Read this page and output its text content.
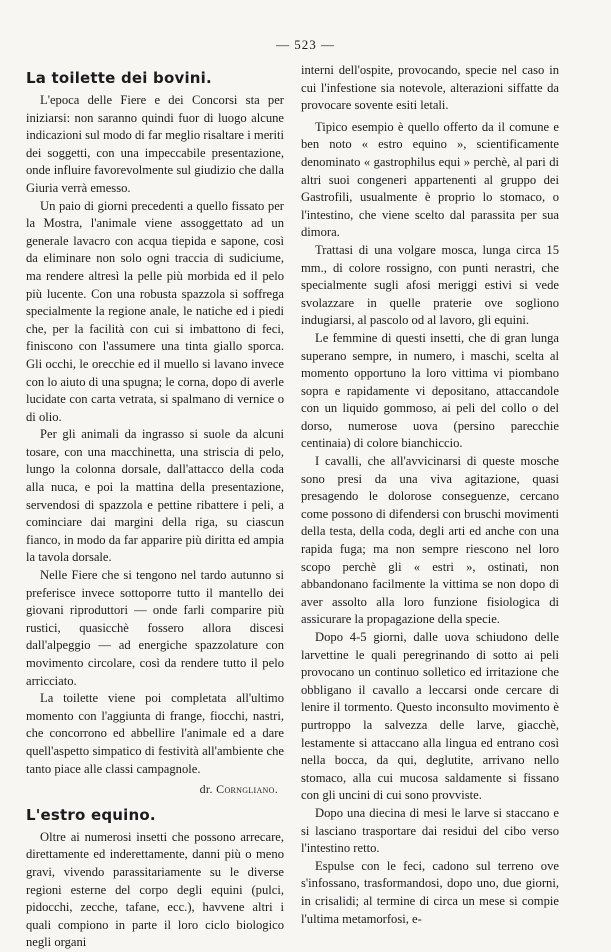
— 523 —
La toilette dei bovini.

L'epoca delle Fiere e dei Concorsi sta per iniziarsi: non saranno quindi fuor di luogo alcune indicazioni sul modo di far meglio risaltare i meriti dei soggetti, con una impeccabile presentazione, onde influire favorevolmente sul giudizio che dalla Giuria verrà emesso.

Un paio di giorni precedenti a quello fissato per la Mostra, l'animale viene assoggettato ad un generale lavacro con acqua tiepida e sapone, così da eliminare non solo ogni traccia di sudiciume, ma rendere altresì la pelle più morbida ed il pelo più lucente. Con una robusta spazzola si soffrega specialmente la regione anale, le natiche ed i piedi che, per la facilità con cui si imbattono di feci, finiscono con l'assumere una tinta giallo sporca. Gli occhi, le orecchie ed il muello si lavano invece con lo aiuto di una spugna; le corna, dopo di averle lucidate con carta vetrata, si spalmano di vernice o di olio.

Per gli animali da ingrasso si suole da alcuni tosare, con una macchinetta, una striscia di pelo, lungo la colonna dorsale, dall'attacco della coda alla nuca, e poi la mattina della presentazione, servendosi di spazzola e pettine ribattere i peli, a cominciare dai margini della riga, su ciascun fianco, in modo da far apparire più diritta ed ampia la tavola dorsale.

Nelle Fiere che si tengono nel tardo autunno si preferisce invece sottoporre tutto il mantello dei giovani riproduttori — onde farli comparire più rustici, quasicchè fossero allora discesi dall'alpeggio — ad energiche spazzolature con movimento circolare, così da rendere tutto il pelo arricciato.

La toilette viene poi completata all'ultimo momento con l'aggiunta di frange, fiocchi, nastri, che concorrono ed abbellire l'animale ed a dare quell'aspetto simpatico di festività all'ambiente che tanto piace alle classi campagnole.

dr. Corngliano.
L'estro equino.

Oltre ai numerosi insetti che possono arrecare, direttamente ed inderettamente, danni più o meno gravi, vivendo parassitariamente su le diverse regioni esterne del corpo degli equini (pulci, pidocchi, zecche, tafane, ecc.), havvene altri i quali compiono in parte il loro ciclo biologico negli organi

interni dell'ospite, provocando, specie nel caso in cui l'infestione sia notevole, alterazioni siffatte da provocare sovente esiti letali.

Tipico esempio è quello offerto da il comune e ben noto « estro equino », scientificamente denominato « gastrophilus equi » perchè, al pari di altri suoi congeneri appartenenti al gruppo dei Gastrofili, usualmente è proprio lo stomaco, o l'intestino, che viene scelto dal parassita per sua dimora.

Trattasi di una volgare mosca, lunga circa 15 mm., di colore rossigno, con punti nerastri, che specialmente sugli afosi meriggi estivi si vede svolazzare in quelle praterie ove sogliono indugiarsi, al pascolo od al lavoro, gli equini.

Le femmine di questi insetti, che di gran lunga superano sempre, in numero, i maschi, scelta al momento opportuno la loro vittima vi piombano sopra e rapidamente vi depositano, attaccandole con un liquido gommoso, ai peli del collo o del dorso, numerose uova (persino parecchie centinaia) di colore bianchiccio.

I cavalli, che all'avvicinarsi di queste mosche sono presi da una viva agitazione, quasi presagendo le dolorose conseguenze, cercano come possono di difendersi con bruschi movimenti della testa, della coda, degli arti ed anche con una rapida fuga; ma non sempre riescono nel loro scopo perchè gli « estri », ostinati, non abbandonano facilmente la vittima se non dopo di aver assolto alla loro funzione fisiologica di assicurare la propagazione della specie.

Dopo 4-5 giorni, dalle uova schiudono delle larvettine le quali peregrinando di sotto ai peli provocano un continuo solletico ed irritazione che obbligano il cavallo a leccarsi onde cercare di lenire il tormento. Questo inconsulto movimento è purtroppo la salvezza delle larve, giacchè, lestamente si attaccano alla lingua ed entrano così nella bocca, da qui, deglutite, arrivano nello stomaco, alla cui mucosa saldamente si fissano con gli uncini di cui sono provviste.

Dopo una diecina di mesi le larve si staccano e si lasciano trasportare dai residui del cibo verso l'intestino retto.

Espulse con le feci, cadono sul terreno ove s'infossano, trasformandosi, dopo uno, due giorni, in crisalidi; al termine di circa un mese si compie l'ultima metamorfosi, e-
